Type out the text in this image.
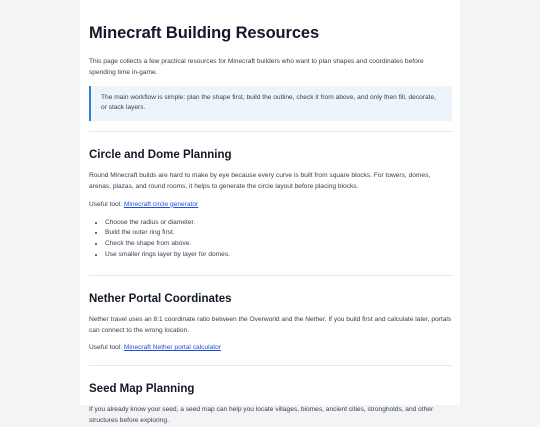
Minecraft Building Resources

This page collects a few practical resources for Minecraft builders who want to plan shapes and coordinates before spending time in-game.

The main workflow is simple: plan the shape first, build the outline, check it from above, and only then fill, decorate, or stack layers.
Circle and Dome Planning

Round Minecraft builds are hard to make by eye because every curve is built from square blocks. For towers, domes, arenas, plazas, and round rooms, it helps to generate the circle layout before placing blocks.

Useful tool: Minecraft circle generator

• Choose the radius or diameter.
• Build the outer ring first.
• Check the shape from above.
• Use smaller rings layer by layer for domes.
Nether Portal Coordinates

Nether travel uses an 8:1 coordinate ratio between the Overworld and the Nether. If you build first and calculate later, portals can connect to the wrong location.

Useful tool: Minecraft Nether portal calculator

Seed Map Planning

If you already know your seed, a seed map can help you locate villages, biomes, ancient cities, strongholds, and other structures before exploring.
